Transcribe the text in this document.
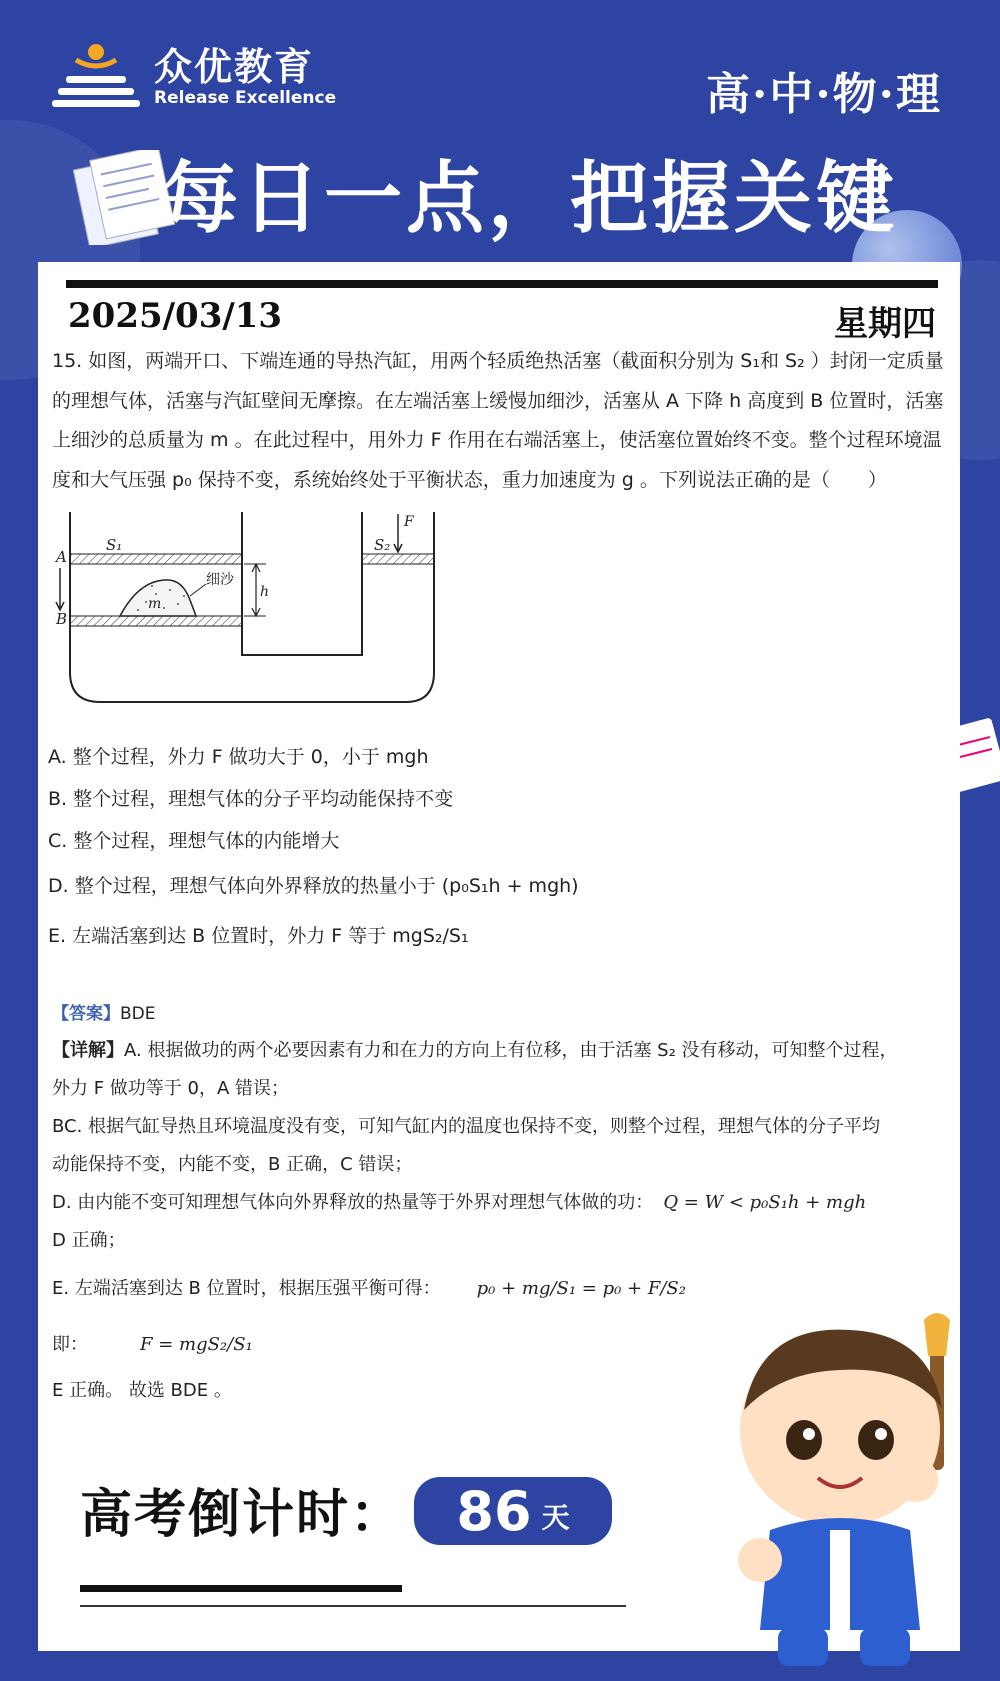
众优教育
Release Excellence	高·中·物·理
每日一点，把握关键
2025/03/13	星期四
15. 如图，两端开口、下端连通的导热汽缸，用两个轻质绝热活塞（截面积分别为 S₁和 S₂ ）封闭一定质量
的理想气体，活塞与汽缸壁间无摩擦。在左端活塞上缓慢加细沙，活塞从 A 下降 h 高度到 B 位置时，活塞
上细沙的总质量为 m 。在此过程中，用外力 F 作用在右端活塞上，使活塞位置始终不变。整个过程环境温
度和大气压强 p₀ 保持不变，系统始终处于平衡状态，重力加速度为 g 。下列说法正确的是（　　）
S₁	S₂
A
B
F
h
m
细沙
A. 整个过程，外力 F 做功大于 0，小于 mgh
B. 整个过程，理想气体的分子平均动能保持不变
C. 整个过程，理想气体的内能增大
D. 整个过程，理想气体向外界释放的热量小于 (p₀S₁h + mgh)
E. 左端活塞到达 B 位置时，外力 F 等于 mgS₂/S₁
【答案】BDE
【详解】A. 根据做功的两个必要因素有力和在力的方向上有位移，由于活塞 S₂ 没有移动，可知整个过程，
外力 F 做功等于 0，A 错误；
BC. 根据气缸导热且环境温度没有变，可知气缸内的温度也保持不变，则整个过程，理想气体的分子平均
动能保持不变，内能不变，B 正确，C 错误；
D. 由内能不变可知理想气体向外界释放的热量等于外界对理想气体做的功： Q = W < p₀S₁h + mgh
D 正确；
E. 左端活塞到达 B 位置时，根据压强平衡可得： p₀ + mg/S₁ = p₀ + F/S₂
即：	F = mgS₂/S₁
E 正确。 故选 BDE 。
高考倒计时： 86 天
